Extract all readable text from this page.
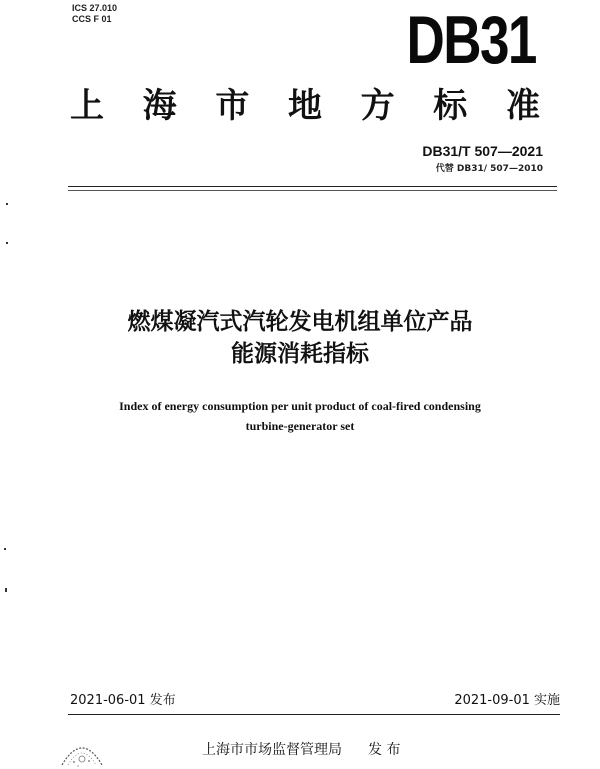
ICS 27.010
CCS F 01	DB31
上 海 市 地 方 标 准
DB31/T 507—2021
代替 DB31/ 507—2010
燃煤凝汽式汽轮发电机组单位产品
能源消耗指标
Index of energy consumption per unit product of coal-fired condensing
turbine-generator set
2021-06-01 发布	2021-09-01 实施
上海市市场监督管理局 发 布
